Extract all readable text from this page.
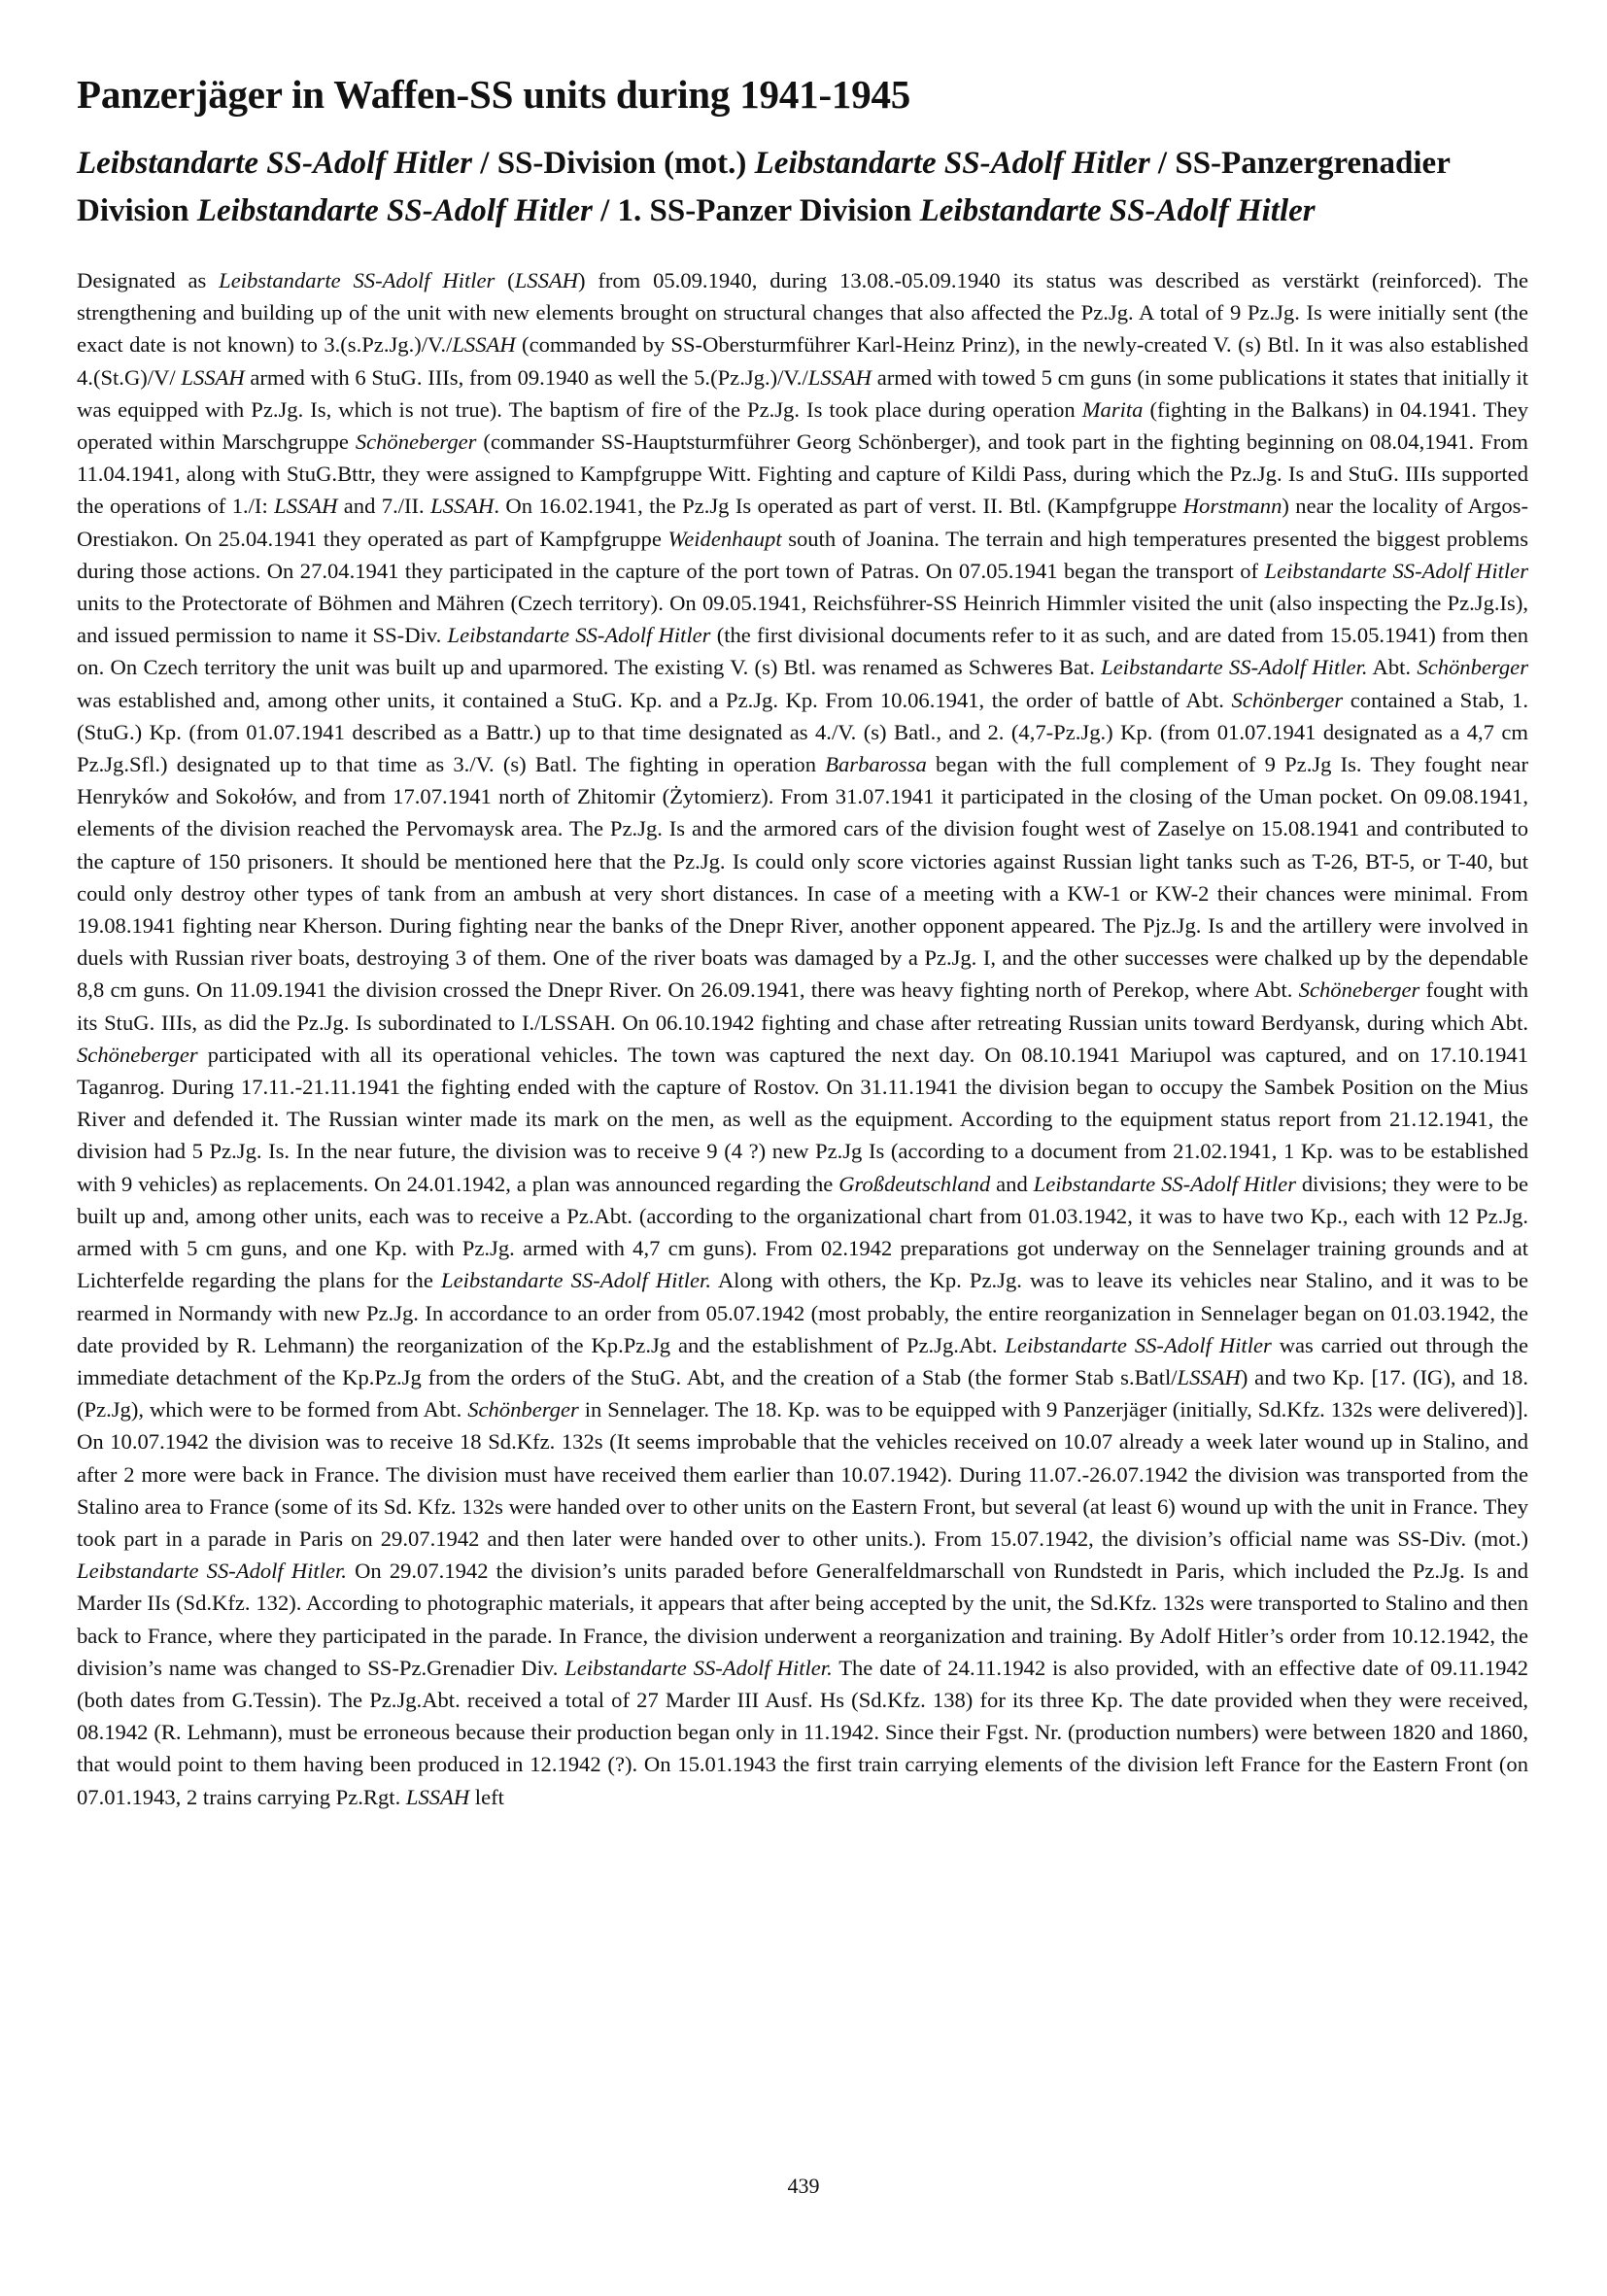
Panzerjäger in Waffen-SS units during 1941-1945
Leibstandarte SS-Adolf Hitler / SS-Division (mot.) Leibstandarte SS-Adolf Hitler / SS-Panzergrenadier Division Leibstandarte SS-Adolf Hitler / 1. SS-Panzer Division Leibstandarte SS-Adolf Hitler
Designated as Leibstandarte SS-Adolf Hitler (LSSAH) from 05.09.1940, during 13.08.-05.09.1940 its status was described as verstärkt (reinforced). The strengthening and building up of the unit with new elements brought on structural changes that also affected the Pz.Jg. A total of 9 Pz.Jg. Is were initially sent (the exact date is not known) to 3.(s.Pz.Jg.)/V./LSSAH (commanded by SS-Obersturmführer Karl-Heinz Prinz), in the newly-created V. (s) Btl. In it was also established 4.(St.G)/V/ LSSAH armed with 6 StuG. IIIs, from 09.1940 as well the 5.(Pz.Jg.)/V./LSSAH armed with towed 5 cm guns (in some publications it states that initially it was equipped with Pz.Jg. Is, which is not true). The baptism of fire of the Pz.Jg. Is took place during operation Marita (fighting in the Balkans) in 04.1941. They operated within Marschgruppe Schöneberger (commander SS-Hauptsturmführer Georg Schönberger), and took part in the fighting beginning on 08.04,1941. From 11.04.1941, along with StuG.Bttr, they were assigned to Kampfgruppe Witt. Fighting and capture of Kildi Pass, during which the Pz.Jg. Is and StuG. IIIs supported the operations of 1./I: LSSAH and 7./II. LSSAH. On 16.02.1941, the Pz.Jg Is operated as part of verst. II. Btl. (Kampfgruppe Horstmann) near the locality of Argos-Orestiakon. On 25.04.1941 they operated as part of Kampfgruppe Weidenhaupt south of Joanina. The terrain and high temperatures presented the biggest problems during those actions. On 27.04.1941 they participated in the capture of the port town of Patras. On 07.05.1941 began the transport of Leibstandarte SS-Adolf Hitler units to the Protectorate of Böhmen and Mähren (Czech territory). On 09.05.1941, Reichsführer-SS Heinrich Himmler visited the unit (also inspecting the Pz.Jg.Is), and issued permission to name it SS-Div. Leibstandarte SS-Adolf Hitler (the first divisional documents refer to it as such, and are dated from 15.05.1941) from then on. On Czech territory the unit was built up and uparmored. The existing V. (s) Btl. was renamed as Schweres Bat. Leibstandarte SS-Adolf Hitler. Abt. Schönberger was established and, among other units, it contained a StuG. Kp. and a Pz.Jg. Kp. From 10.06.1941, the order of battle of Abt. Schönberger contained a Stab, 1. (StuG.) Kp. (from 01.07.1941 described as a Battr.) up to that time designated as 4./V. (s) Batl., and 2. (4,7-Pz.Jg.) Kp. (from 01.07.1941 designated as a 4,7 cm Pz.Jg.Sfl.) designated up to that time as 3./V. (s) Batl. The fighting in operation Barbarossa began with the full complement of 9 Pz.Jg Is. They fought near Henryków and Sokołów, and from 17.07.1941 north of Zhitomir (Żytomierz). From 31.07.1941 it participated in the closing of the Uman pocket. On 09.08.1941, elements of the division reached the Pervomaysk area. The Pz.Jg. Is and the armored cars of the division fought west of Zaselye on 15.08.1941 and contributed to the capture of 150 prisoners. It should be mentioned here that the Pz.Jg. Is could only score victories against Russian light tanks such as T-26, BT-5, or T-40, but could only destroy other types of tank from an ambush at very short distances. In case of a meeting with a KW-1 or KW-2 their chances were minimal. From 19.08.1941 fighting near Kherson. During fighting near the banks of the Dnepr River, another opponent appeared. The Pjz.Jg. Is and the artillery were involved in duels with Russian river boats, destroying 3 of them. One of the river boats was damaged by a Pz.Jg. I, and the other successes were chalked up by the dependable 8,8 cm guns. On 11.09.1941 the division crossed the Dnepr River. On 26.09.1941, there was heavy fighting north of Perekop, where Abt. Schöneberger fought with its StuG. IIIs, as did the Pz.Jg. Is subordinated to I./LSSAH. On 06.10.1942 fighting and chase after retreating Russian units toward Berdyansk, during which Abt. Schöneberger participated with all its operational vehicles. The town was captured the next day. On 08.10.1941 Mariupol was captured, and on 17.10.1941 Taganrog. During 17.11.-21.11.1941 the fighting ended with the capture of Rostov. On 31.11.1941 the division began to occupy the Sambek Position on the Mius River and defended it. The Russian winter made its mark on the men, as well as the equipment. According to the equipment status report from 21.12.1941, the division had 5 Pz.Jg. Is. In the near future, the division was to receive 9 (4 ?) new Pz.Jg Is (according to a document from 21.02.1941, 1 Kp. was to be established with 9 vehicles) as replacements. On 24.01.1942, a plan was announced regarding the Großdeutschland and Leibstandarte SS-Adolf Hitler divisions; they were to be built up and, among other units, each was to receive a Pz.Abt. (according to the organizational chart from 01.03.1942, it was to have two Kp., each with 12 Pz.Jg. armed with 5 cm guns, and one Kp. with Pz.Jg. armed with 4,7 cm guns). From 02.1942 preparations got underway on the Sennelager training grounds and at Lichterfelde regarding the plans for the Leibstandarte SS-Adolf Hitler. Along with others, the Kp. Pz.Jg. was to leave its vehicles near Stalino, and it was to be rearmed in Normandy with new Pz.Jg. In accordance to an order from 05.07.1942 (most probably, the entire reorganization in Sennelager began on 01.03.1942, the date provided by R. Lehmann) the reorganization of the Kp.Pz.Jg and the establishment of Pz.Jg.Abt. Leibstandarte SS-Adolf Hitler was carried out through the immediate detachment of the Kp.Pz.Jg from the orders of the StuG. Abt, and the creation of a Stab (the former Stab s.Batl/LSSAH) and two Kp. [17. (IG), and 18. (Pz.Jg), which were to be formed from Abt. Schönberger in Sennelager. The 18. Kp. was to be equipped with 9 Panzerjäger (initially, Sd.Kfz. 132s were delivered)]. On 10.07.1942 the division was to receive 18 Sd.Kfz. 132s (It seems improbable that the vehicles received on 10.07 already a week later wound up in Stalino, and after 2 more were back in France. The division must have received them earlier than 10.07.1942). During 11.07.-26.07.1942 the division was transported from the Stalino area to France (some of its Sd. Kfz. 132s were handed over to other units on the Eastern Front, but several (at least 6) wound up with the unit in France. They took part in a parade in Paris on 29.07.1942 and then later were handed over to other units.). From 15.07.1942, the division’s official name was SS-Div. (mot.) Leibstandarte SS-Adolf Hitler. On 29.07.1942 the division’s units paraded before Generalfeldmarschall von Rundstedt in Paris, which included the Pz.Jg. Is and Marder IIs (Sd.Kfz. 132). According to photographic materials, it appears that after being accepted by the unit, the Sd.Kfz. 132s were transported to Stalino and then back to France, where they participated in the parade. In France, the division underwent a reorganization and training. By Adolf Hitler’s order from 10.12.1942, the division’s name was changed to SS-Pz.Grenadier Div. Leibstandarte SS-Adolf Hitler. The date of 24.11.1942 is also provided, with an effective date of 09.11.1942 (both dates from G.Tessin). The Pz.Jg.Abt. received a total of 27 Marder III Ausf. Hs (Sd.Kfz. 138) for its three Kp. The date provided when they were received, 08.1942 (R. Lehmann), must be erroneous because their production began only in 11.1942. Since their Fgst. Nr. (production numbers) were between 1820 and 1860, that would point to them having been produced in 12.1942 (?). On 15.01.1943 the first train carrying elements of the division left France for the Eastern Front (on 07.01.1943, 2 trains carrying Pz.Rgt. LSSAH left
439
